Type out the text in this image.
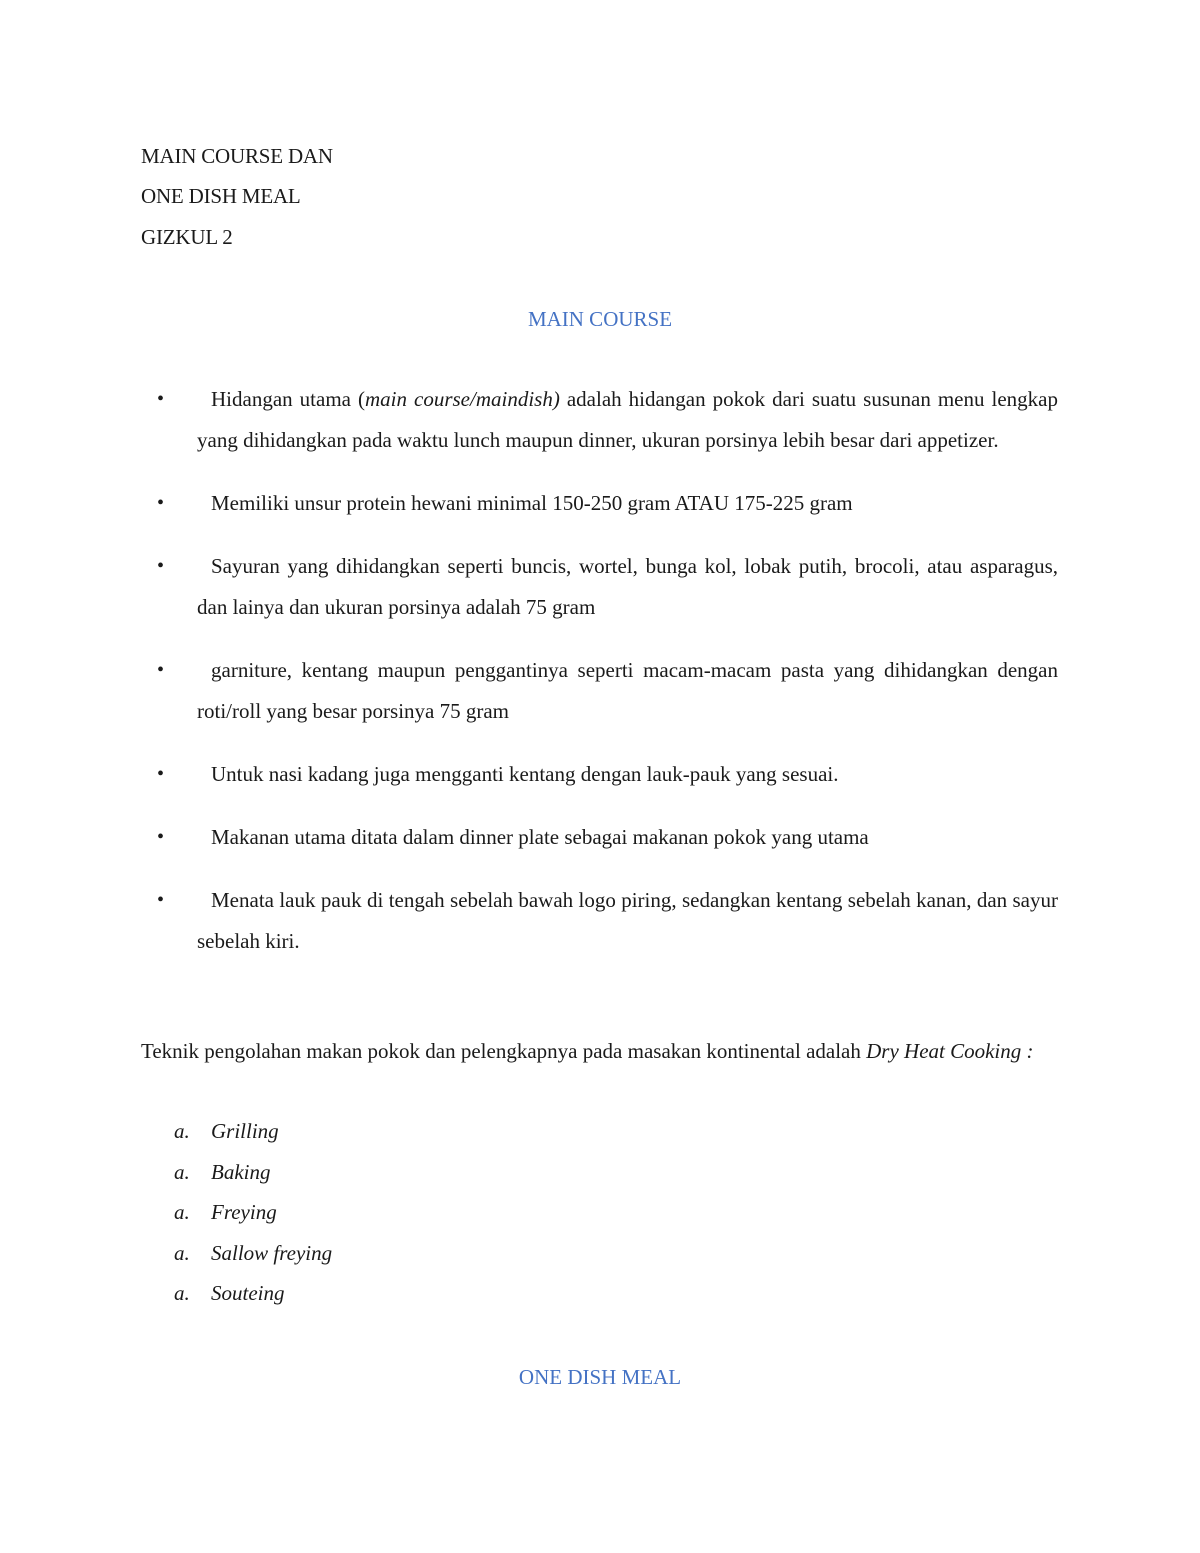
MAIN COURSE DAN
ONE DISH MEAL
GIZKUL 2
MAIN COURSE
• Hidangan utama (main course/maindish) adalah hidangan pokok dari suatu susunan menu lengkap yang dihidangkan pada waktu lunch maupun dinner, ukuran porsinya lebih besar dari appetizer.
• Memiliki unsur protein hewani minimal 150-250 gram ATAU 175-225 gram
• Sayuran yang dihidangkan seperti buncis, wortel, bunga kol, lobak putih, brocoli, atau asparagus, dan lainya dan ukuran porsinya adalah 75 gram
• garniture, kentang maupun penggantinya seperti macam-macam pasta yang dihidangkan dengan roti/roll yang besar porsinya 75 gram
• Untuk nasi kadang juga mengganti kentang dengan lauk-pauk yang sesuai.
• Makanan utama ditata dalam dinner plate sebagai makanan pokok yang utama
• Menata lauk pauk di tengah sebelah bawah logo piring, sedangkan kentang sebelah kanan, dan sayur sebelah kiri.

Teknik pengolahan makan pokok dan pelengkapnya pada masakan kontinental adalah Dry Heat Cooking :

a. Grilling
a. Baking
a. Freying
a. Sallow freying
a. Souteing
ONE DISH MEAL
